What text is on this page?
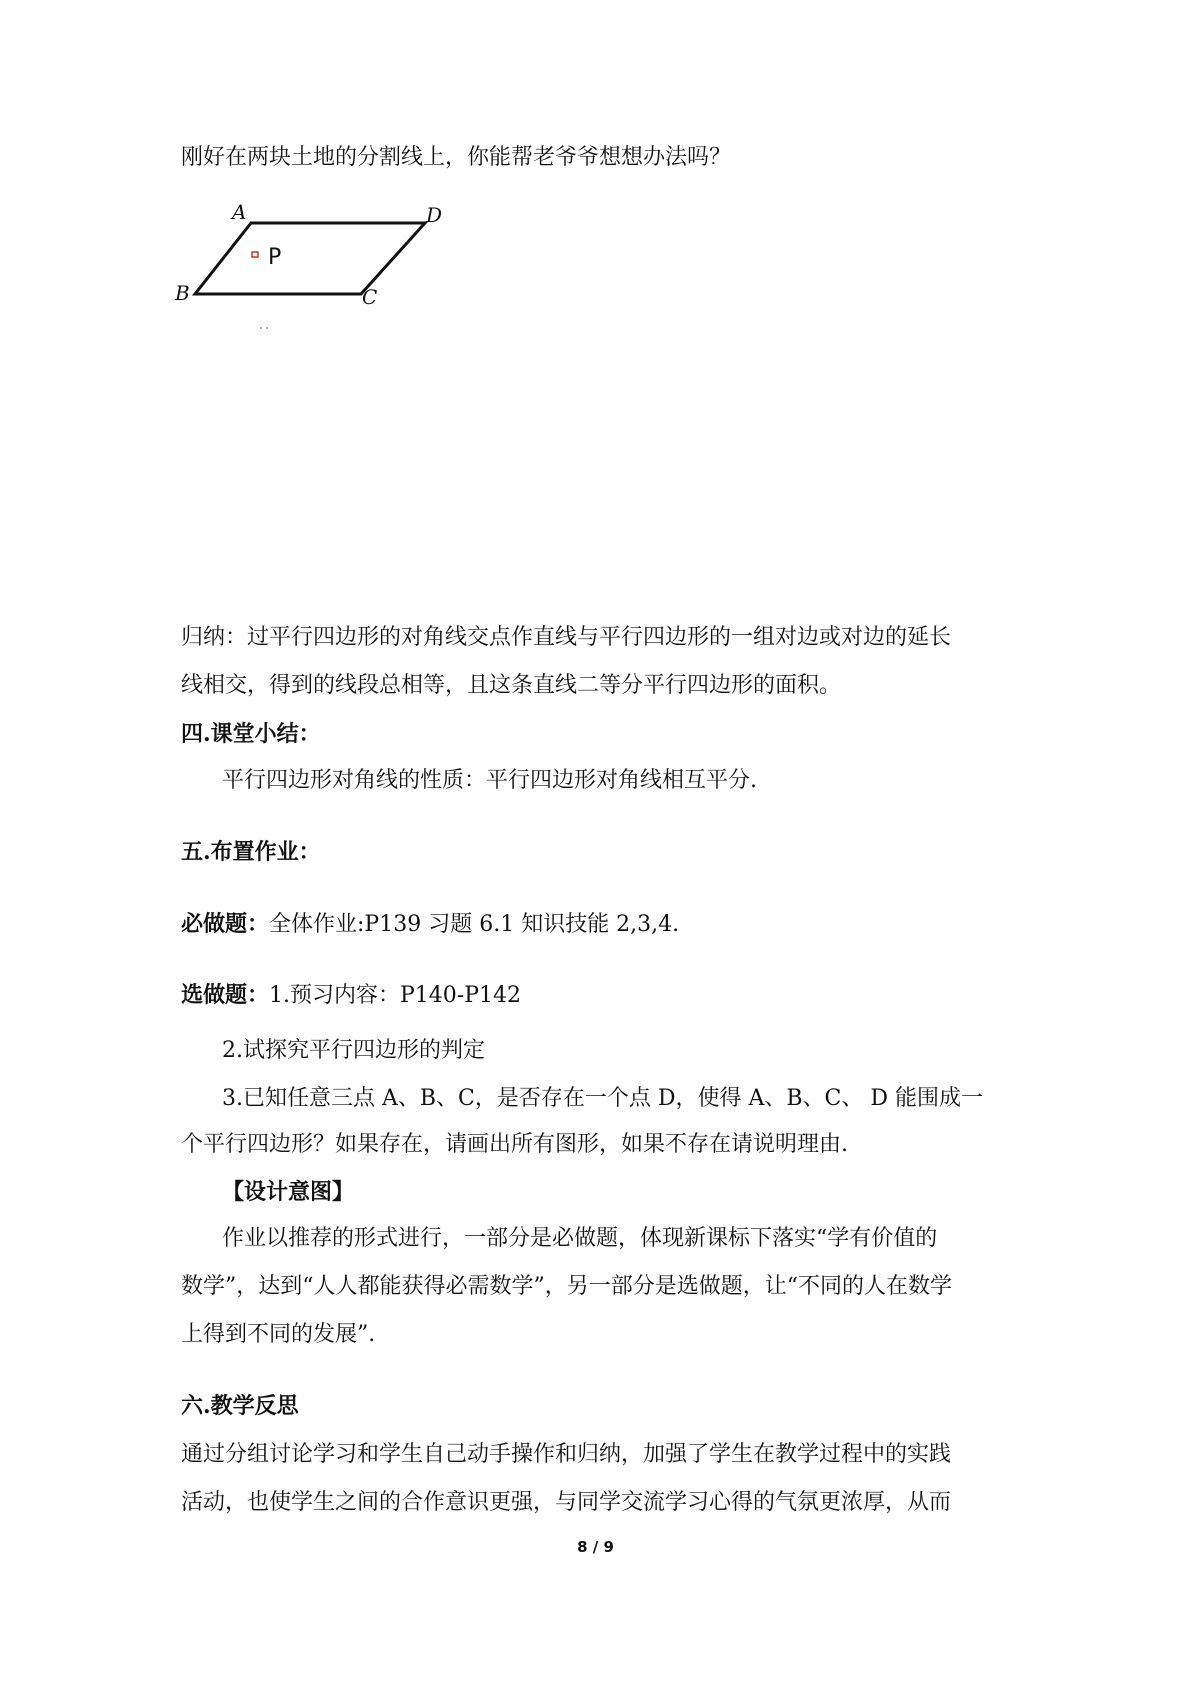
刚好在两块土地的分割线上，你能帮老爷爷想想办法吗？
A	D
B	C
P
归纳：过平行四边形的对角线交点作直线与平行四边形的一组对边或对边的延长
线相交，得到的线段总相等，且这条直线二等分平行四边形的面积。
四.课堂小结：
平行四边形对角线的性质：平行四边形对角线相互平分.
五.布置作业：
必做题：全体作业:P139 习题 6.1 知识技能 2,3,4.
选做题：1.预习内容：P140-P142
2.试探究平行四边形的判定
3.已知任意三点 A、B、C，是否存在一个点 D，使得 A、B、C、 D 能围成一
个平行四边形？如果存在，请画出所有图形，如果不存在请说明理由.
【设计意图】
作业以推荐的形式进行，一部分是必做题，体现新课标下落实“学有价值的
数学”，达到“人人都能获得必需数学”，另一部分是选做题，让“不同的人在数学
上得到不同的发展”.
六.教学反思
通过分组讨论学习和学生自己动手操作和归纳，加强了学生在教学过程中的实践
活动，也使学生之间的合作意识更强，与同学交流学习心得的气氛更浓厚，从而
8 / 9
